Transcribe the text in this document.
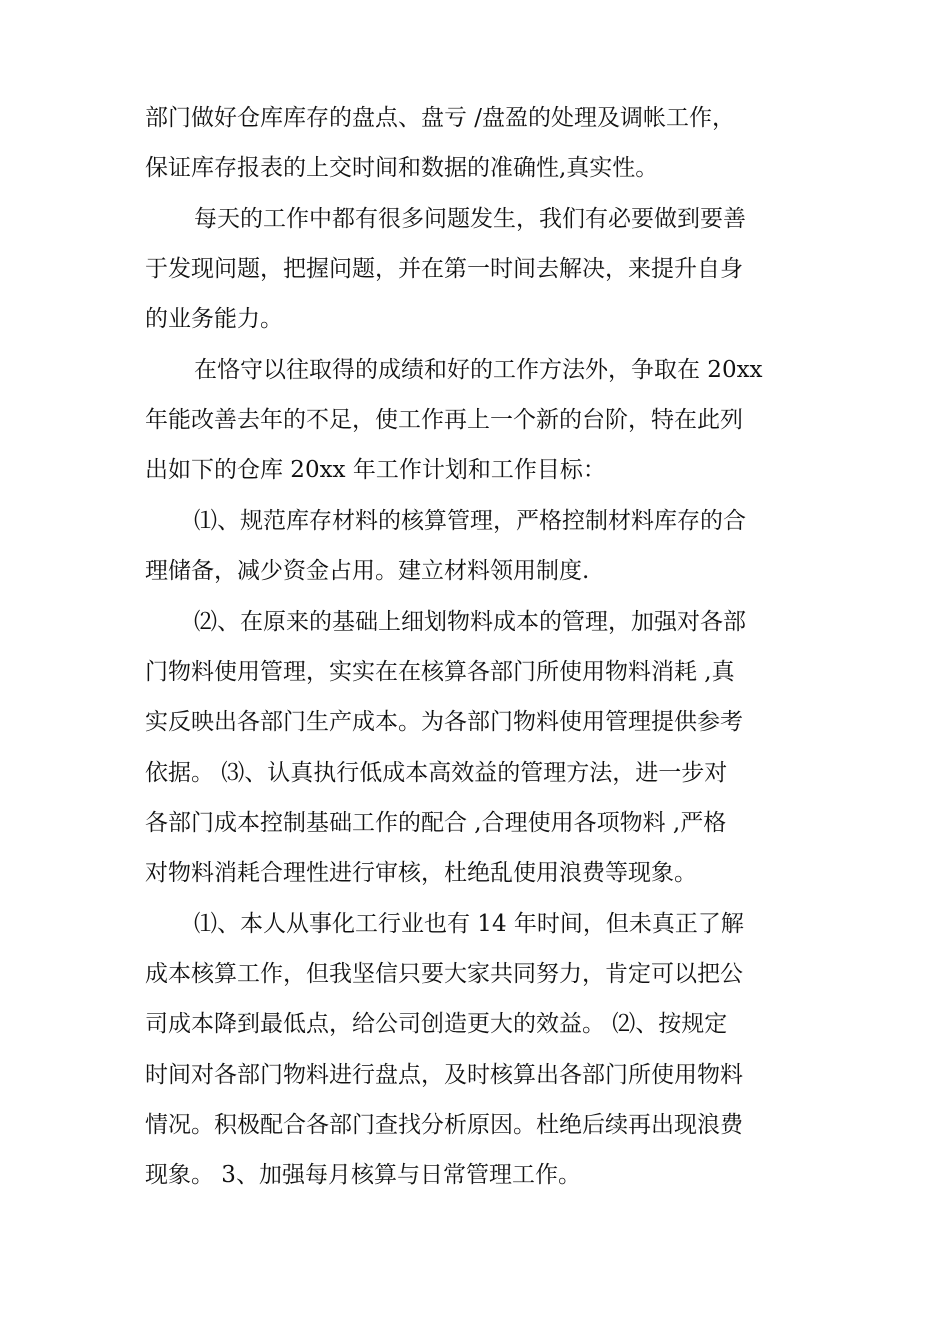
部门做好仓库库存的盘点、盘亏 /盘盈的处理及调帐工作，
保证库存报表的上交时间和数据的准确性,真实性。
每天的工作中都有很多问题发生，我们有必要做到要善
于发现问题，把握问题，并在第一时间去解决，来提升自身
的业务能力。
在恪守以往取得的成绩和好的工作方法外，争取在 20xx
年能改善去年的不足，使工作再上一个新的台阶，特在此列
出如下的仓库 20xx 年工作计划和工作目标：
⑴、规范库存材料的核算管理，严格控制材料库存的合
理储备，减少资金占用。建立材料领用制度.
⑵、在原来的基础上细划物料成本的管理，加强对各部
门物料使用管理，实实在在核算各部门所使用物料消耗 ,真
实反映出各部门生产成本。为各部门物料使用管理提供参考
依据。 ⑶、认真执行低成本高效益的管理方法，进一步对
各部门成本控制基础工作的配合 ,合理使用各项物料 ,严格
对物料消耗合理性进行审核，杜绝乱使用浪费等现象。
⑴、本人从事化工行业也有 14 年时间，但未真正了解
成本核算工作，但我坚信只要大家共同努力，肯定可以把公
司成本降到最低点，给公司创造更大的效益。 ⑵、按规定
时间对各部门物料进行盘点，及时核算出各部门所使用物料
情况。积极配合各部门查找分析原因。杜绝后续再出现浪费
现象。 3、加强每月核算与日常管理工作。
